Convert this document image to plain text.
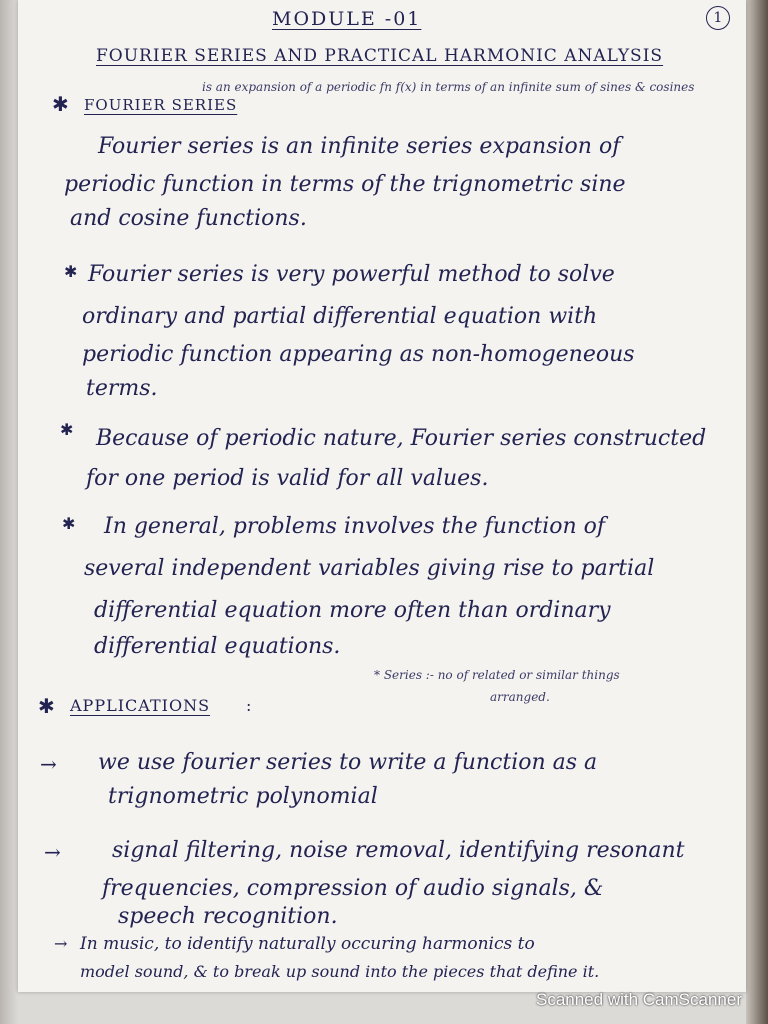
1
MODULE -01
FOURIER SERIES AND PRACTICAL HARMONIC ANALYSIS
is an expansion of a periodic fn f(x) in terms of an infinite sum of sines & cosines
✱ FOURIER SERIES
Fourier series is an infinite series expansion of
periodic function in terms of the trignometric sine
and cosine functions.
✱ Fourier series is very powerful method to solve
ordinary and partial differential equation with
periodic function appearing as non-homogeneous
terms.
✱ Because of periodic nature, Fourier series constructed
for one period is valid for all values.
✱ In general, problems involves the function of
several independent variables giving rise to partial
differential equation more often than ordinary
differential equations.
* Series :- no of related or similar things
arranged.
✱ APPLICATIONS :
→ we use fourier series to write a function as a
trignometric polynomial
→ signal filtering, noise removal, identifying resonant
frequencies, compression of audio signals, &
speech recognition.
→ In music, to identify naturally occuring harmonics to
model sound, & to break up sound into the pieces that define it.
Scanned with CamScanner
